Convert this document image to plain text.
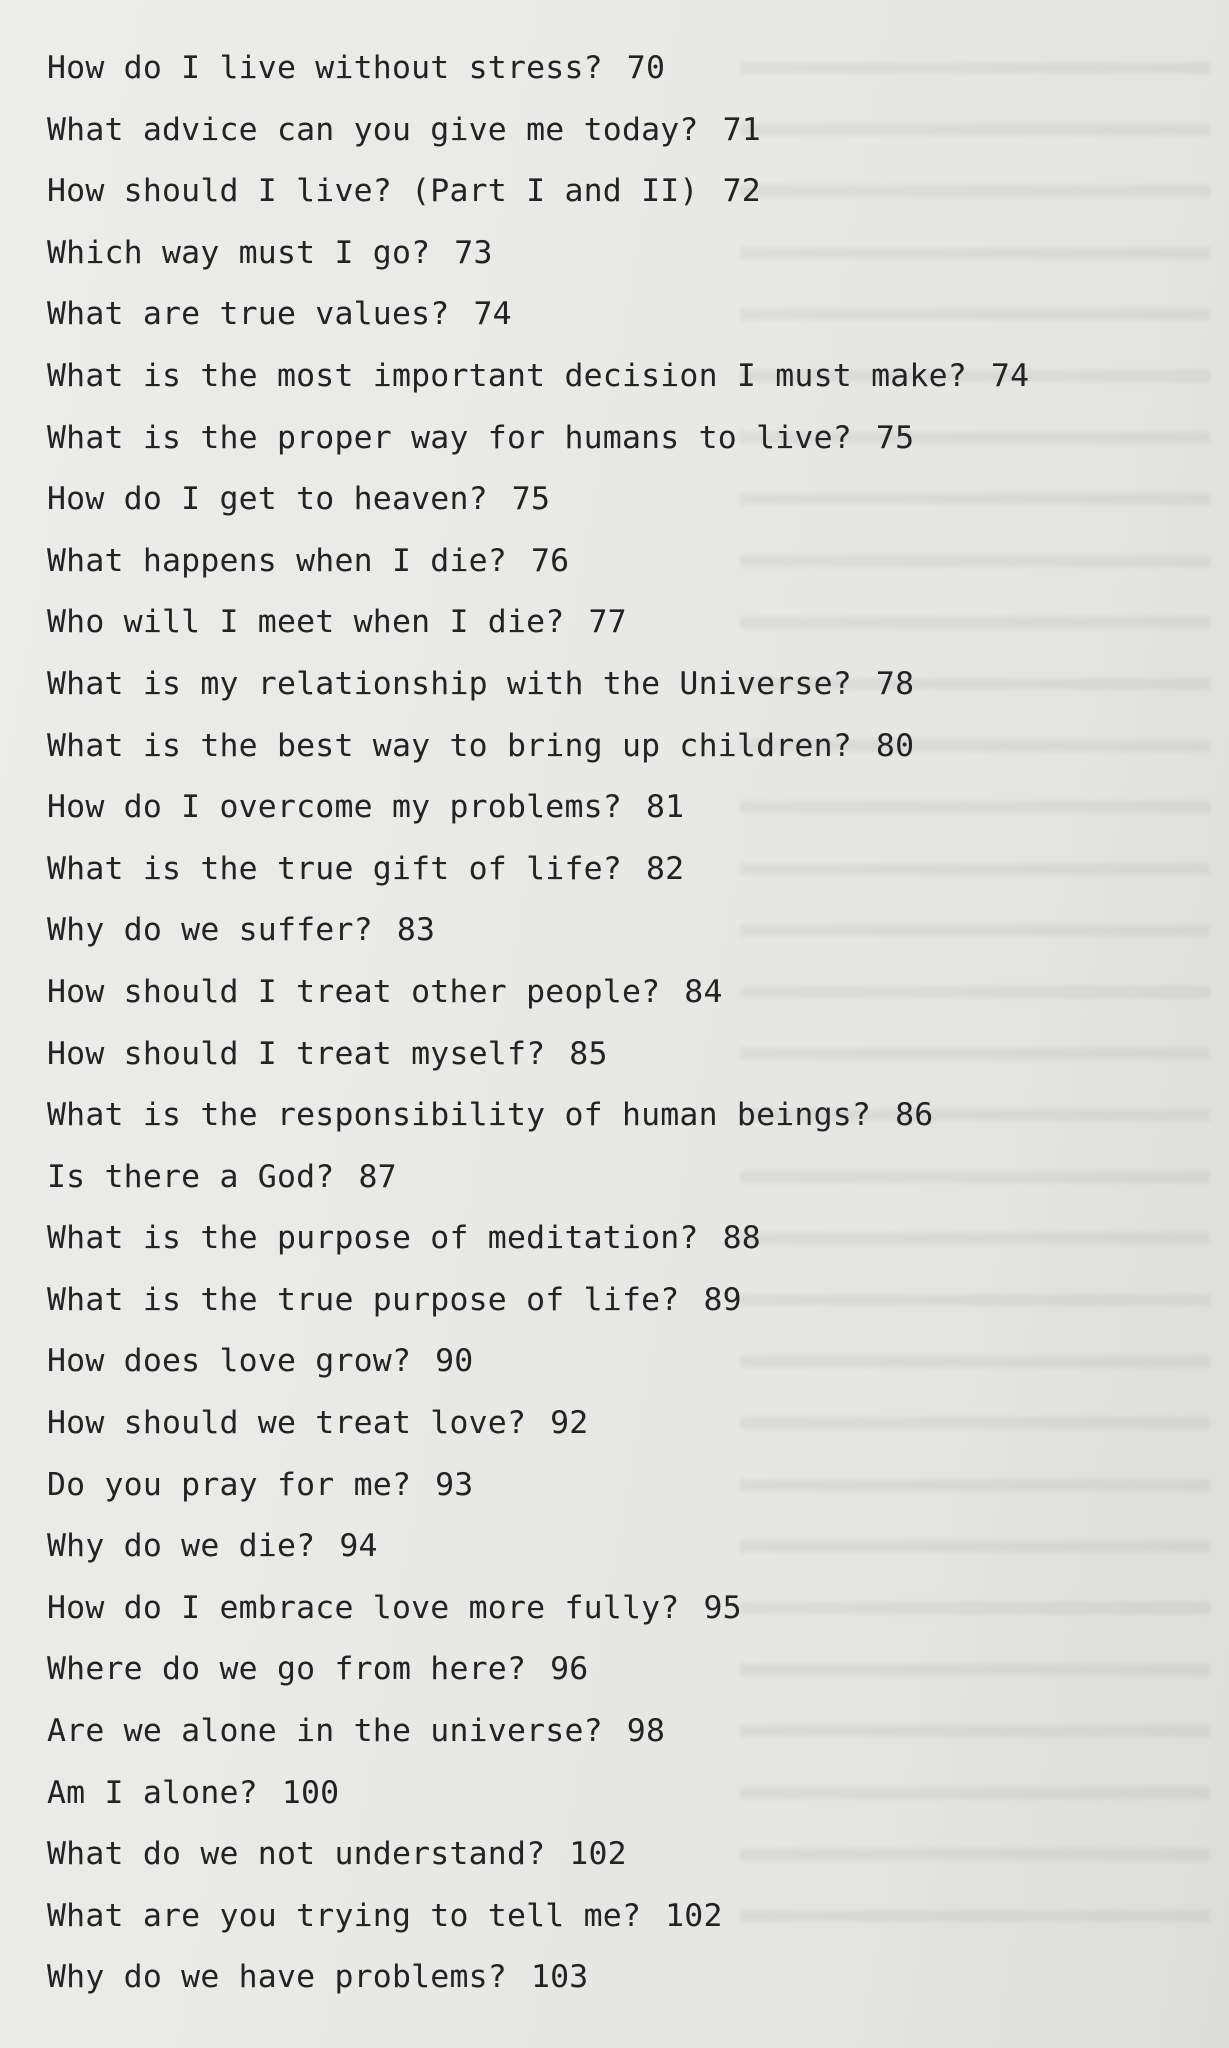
How do I live without stress? 70
What advice can you give me today? 71
How should I live? (Part I and II) 72
Which way must I go? 73
What are true values? 74
What is the most important decision I must make? 74
What is the proper way for humans to live? 75
How do I get to heaven? 75
What happens when I die? 76
Who will I meet when I die? 77
What is my relationship with the Universe? 78
What is the best way to bring up children? 80
How do I overcome my problems? 81
What is the true gift of life? 82
Why do we suffer? 83
How should I treat other people? 84
How should I treat myself? 85
What is the responsibility of human beings? 86
Is there a God? 87
What is the purpose of meditation? 88
What is the true purpose of life? 89
How does love grow? 90
How should we treat love? 92
Do you pray for me? 93
Why do we die? 94
How do I embrace love more fully? 95
Where do we go from here? 96
Are we alone in the universe? 98
Am I alone? 100
What do we not understand? 102
What are you trying to tell me? 102
Why do we have problems? 103
